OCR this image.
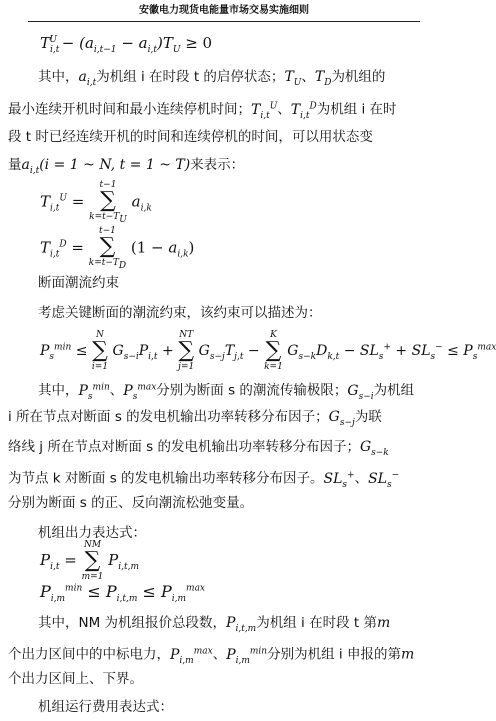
安徽电力现货电能量市场交易实施细则
·
$T_{i,t}^U - (a_{i,t-1} - a_{i,t})T_U \ge 0$
其中，$a_{i,t}$为机组 i 在时段 t 的启停状态；$T_U$、$T_D$为机组的
最小连续开机时间和最小连续停机时间；$T_{i,t}^U$、$T_{i,t}^D$为机组 i 在时
段 t 时已经连续开机的时间和连续停机的时间，可以用状态变
量$a_{i,t}(i = 1$ ~ N, t = 1 ~ T)来表示：
$T_{i,t}^U$ =
t−1
∑
$k=t-T_U$
$a_{i,k}$
$T_{i,t}^D$ =
t−1
∑
$k=t-T_D$
$(1 - a_{i,k})$
断面潮流约束
考虑关键断面的潮流约束，该约束可以描述为：
$P_s^{min}$ ≤
N
∑
i=1
$G_{s-i}P_{i,t}$ +
NT
∑
j=1
$G_{s-j}T_{j,t}$ −
K
∑
k=1
$G_{s-k}D_{k,t} - SL_s^+ + SL_s^- \le P_s^{max}$
其中，$P_s^{min}$、$P_s^{max}$分别为断面 s 的潮流传输极限；$G_{s-i}$为机组
i 所在节点对断面 s 的发电机输出功率转移分布因子；$G_{s-j}$为联
络线 j 所在节点对断面 s 的发电机输出功率转移分布因子；$G_{s-k}$
为节点 k 对断面 s 的发电机输出功率转移分布因子。$SL_s^+$、$SL_s^-$
分别为断面 s 的正、反向潮流松弛变量。
机组出力表达式：
$P_{i,t}$ =
NM
∑
m=1
$P_{i,t,m}$
$P_{i,m}^{min} \le P_{i,t,m} \le P_{i,m}^{max}$
其中，NM 为机组报价总段数，$P_{i,t,m}$为机组 i 在时段 t 第m
个出力区间中的中标电力，$P_{i,m}^{max}$、$P_{i,m}^{min}$分别为机组 i 申报的第m
个出力区间上、下界。
机组运行费用表达式：
